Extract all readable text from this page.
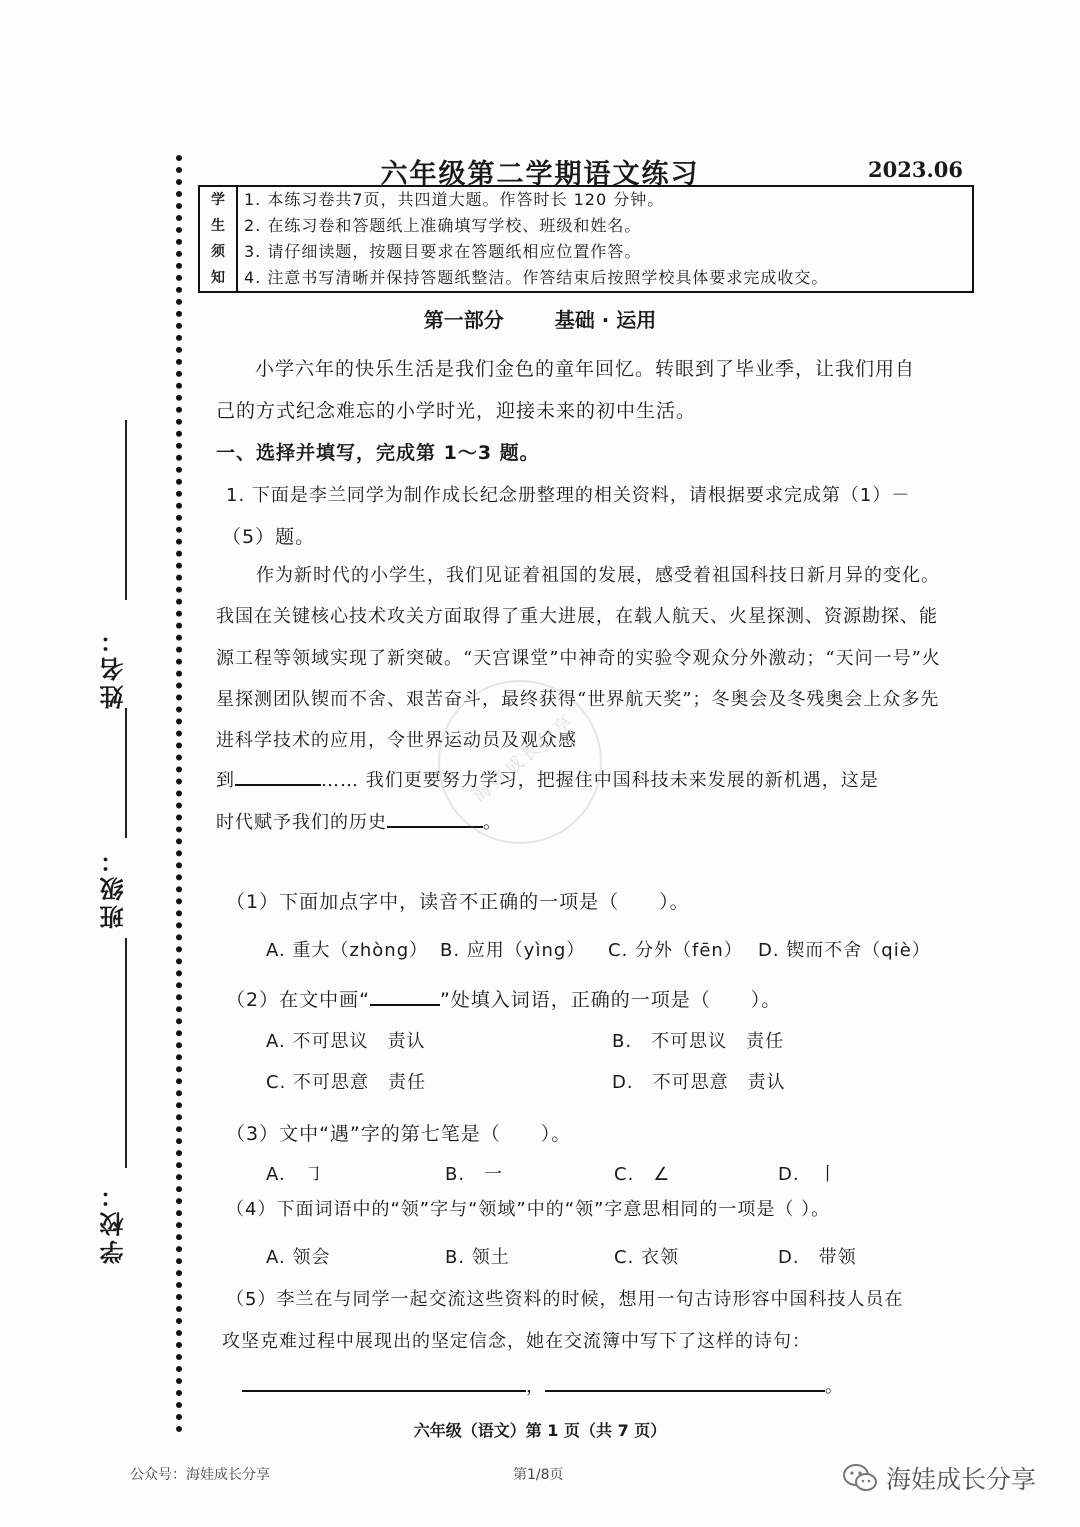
姓名：
班级：
学校：
六年级第二学期语文练习	2023.06
学
生
须
知
1. 本练习卷共7页，共四道大题。作答时长 120 分钟。
2. 在练习卷和答题纸上准确填写学校、班级和姓名。
3. 请仔细读题，按题目要求在答题纸相应位置作答。
4. 注意书写清晰并保持答题纸整洁。作答结束后按照学校具体要求完成收交。
第一部分	基础 · 运用
小学六年的快乐生活是我们金色的童年回忆。转眼到了毕业季，让我们用自
己的方式纪念难忘的小学时光，迎接未来的初中生活。
一、选择并填写，完成第 1～3 题。
1. 下面是李兰同学为制作成长纪念册整理的相关资料，请根据要求完成第（1）－
（5）题。
作为新时代的小学生，我们见证着祖国的发展，感受着祖国科技日新月异的变化。我国在关键核心技术攻关方面取得了重大进展，在载人航天、火星探测、资源勘探、能源工程等领域实现了新突破。“天宫课堂”中神奇的实验令观众分外激动；“天问一号”火星探测团队锲而不舍、艰苦奋斗，最终获得“世界航天奖”；冬奥会及冬残奥会上众多先进科学技术的应用，令世界运动员及观众感
到	…… 我们更要努力学习，把握住中国科技未来发展的新机遇，这是
时代赋予我们的历史	。
海娃成长分享
（1）下面加点字中，读音不正确的一项是（　　）。
A. 重大（zhòng） B. 应用（yìng） C. 分外（fēn） D. 锲而不舍（qiè）
（2）在文中画“	”处填入词语，正确的一项是（　　）。
A. 不可思议　责认	B.　不可思议　责任
C. 不可思意　责任	D.　不可思意　责认
（3）文中“遇”字的第七笔是（　　）。
A.　㇆	B.　一	C.　∠	D.　丨
（4）下面词语中的“领”字与“领域”中的“领”字意思相同的一项是（ ）。
A. 领会	B. 领土	C. 衣领	D.　带领
（5）李兰在与同学一起交流这些资料的时候，想用一句古诗形容中国科技人员在
攻坚克难过程中展现出的坚定信念，她在交流簿中写下了这样的诗句：
，	。
六年级（语文）第 1 页（共 7 页）
公众号：海娃成长分享	第1/8页	海娃成长分享
